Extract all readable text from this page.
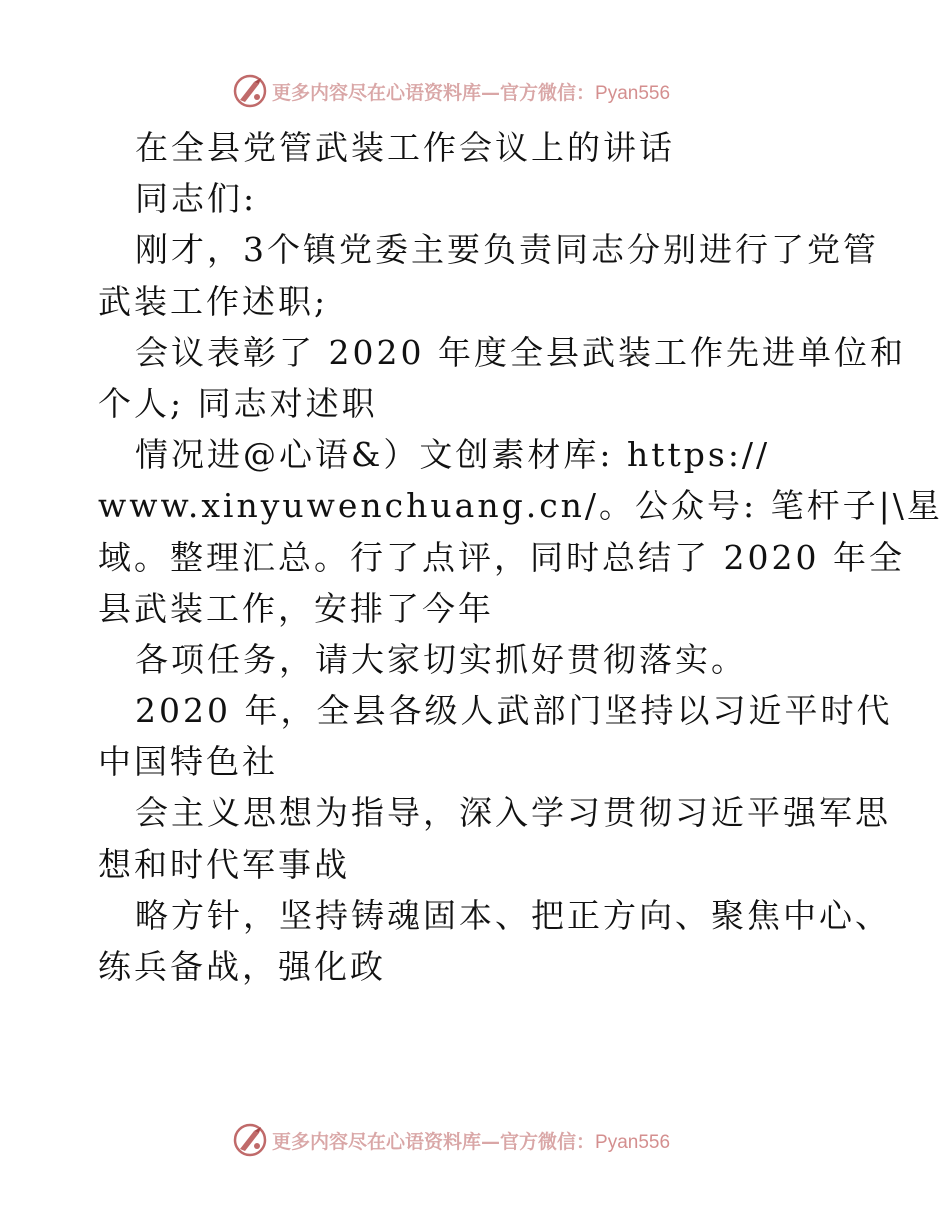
更多内容尽在心语资料库—官方微信：Pyan556
在全县党管武装工作会议上的讲话
同志们:
刚才，3个镇党委主要负责同志分别进行了党管
武装工作述职;
会议表彰了 2020 年度全县武装工作先进单位和
个人; 同志对述职
情况进@心语&）文创素材库: https://
www.xinyuwenchuang.cn/。公众号: 笔杆子|\星
域。整理汇总。行了点评，同时总结了 2020 年全
县武装工作，安排了今年
各项任务，请大家切实抓好贯彻落实。
2020 年，全县各级人武部门坚持以习近平时代
中国特色社
会主义思想为指导，深入学习贯彻习近平强军思
想和时代军事战
略方针，坚持铸魂固本、把正方向、聚焦中心、
练兵备战，强化政
更多内容尽在心语资料库—官方微信：Pyan556
